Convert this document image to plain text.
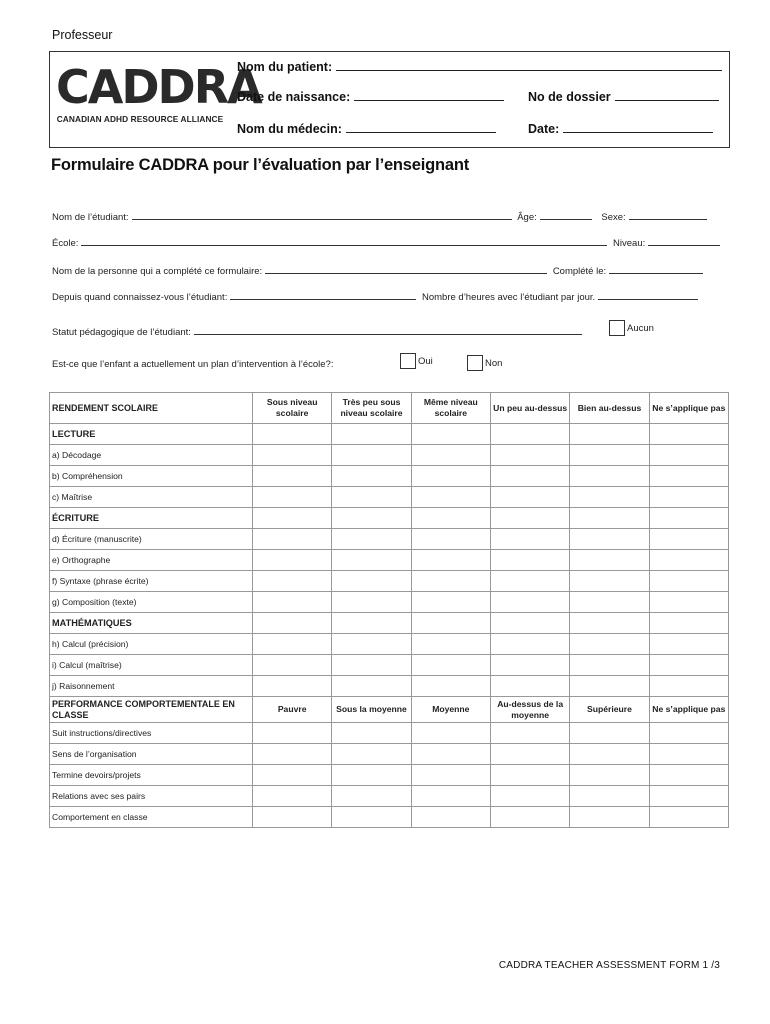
Professeur
CADDRA
CANADIAN ADHD RESOURCE ALLIANCE
Nom du patient:
Date de naissance:	No de dossier
Nom du médecin:	Date:
Formulaire CADDRA pour l’évaluation par l’enseignant
Nom de l’étudiant:	Âge:	Sexe:
École:	Niveau:
Nom de la personne qui a complété ce formulaire:	Complété le:
Depuis quand connaissez-vous l’étudiant:	Nombre d’heures avec l’étudiant par jour.
Statut pédagogique de l’étudiant:	Aucun
Est-ce que l’enfant a actuellement un plan d’intervention à l’école?:	Oui	Non
RENDEMENT SCOLAIRE	Sous niveau scolaire	Très peu sous niveau scolaire	Même niveau scolaire	Un peu au-dessus	Bien au-dessus	Ne s’applique pas
LECTURE						
a) Décodage						
b) Compréhension						
c) Maîtrise						
ÉCRITURE						
d) Écriture (manuscrite)						
e) Orthographe						
f) Syntaxe (phrase écrite)						
g) Composition (texte)						
MATHÉMATIQUES						
h) Calcul (précision)						
i) Calcul (maîtrise)						
j) Raisonnement						
PERFORMANCE COMPORTEMENTALE EN CLASSE	Pauvre	Sous la moyenne	Moyenne	Au-dessus de la moyenne	Supérieure	Ne s’applique pas
Suit instructions/directives						
Sens de l’organisation						
Termine devoirs/projets						
Relations avec ses pairs						
Comportement en classe						
CADDRA TEACHER ASSESSMENT FORM 1 /3
